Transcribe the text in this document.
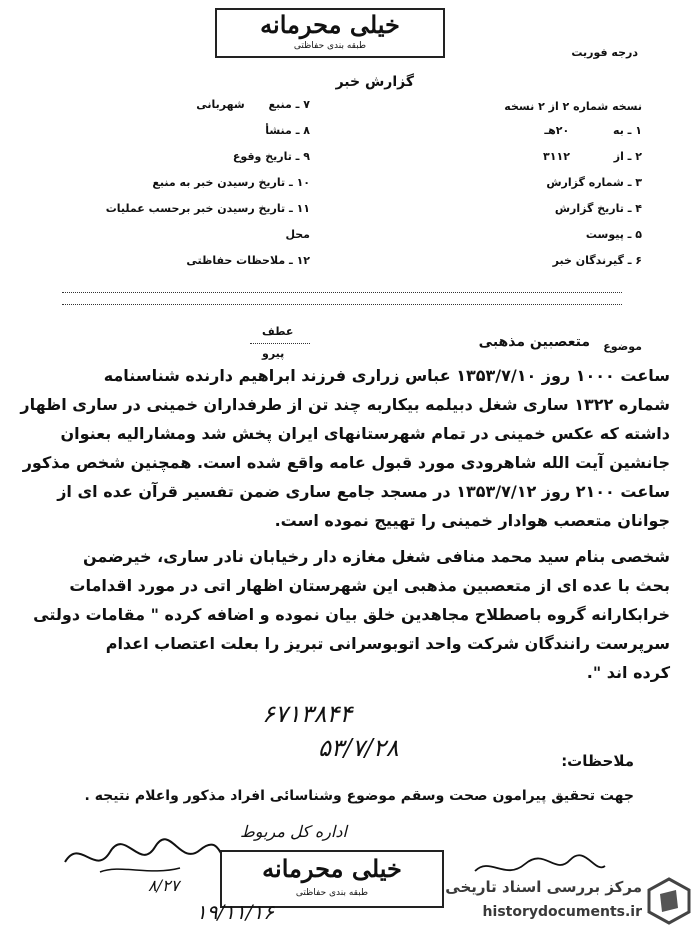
خیلی محرمانه
طبقه بندی حفاظتی	درجه فوریت
گزارش خبر
نسخه شماره ۲ از ۲ نسخه
۱ ـ به ۲۰هـ
۲ ـ از ۳۱۱۲
۳ ـ شماره گزارش
۴ ـ تاریخ گزارش
۵ ـ پیوست
۶ ـ گیرندگان خبر
۷ ـ منبع شهربانی
۸ ـ منشأ
۹ ـ تاریخ وقوع
۱۰ ـ تاریخ رسیدن خبر به منبع
۱۱ ـ تاریخ رسیدن خبر برحسب عملیات
محل
۱۲ ـ ملاحظات حفاظتی
عطف
پیرو
موضوع
متعصبین مذهبی
ساعت ۱۰۰۰ روز ۱۳۵۳/۷/۱۰ عباس زراری فرزند ابراهیم دارنده شناسنامه
شماره ۱۳۲۲ ساری شغل دبیلمه بیکاربه چند تن از طرفداران خمینی در ساری اظهار
داشته که عکس خمینی در تمام شهرستانهای ایران پخش شد ومشارالیه بعنوان
جانشین آیت الله شاهرودی مورد قبول عامه واقع شده است. همچنین شخص مذکور
ساعت ۲۱۰۰ روز ۱۳۵۳/۷/۱۲ در مسجد جامع ساری ضمن تفسیر قرآن عده ای از
جوانان متعصب هوادار خمینی را تهییج نموده است.
شخصی بنام سید محمد منافی شغل مغازه دار رخیابان نادر ساری، خیرضمن
بحث با عده ای از متعصبین مذهبی این شهرستان اظهار اتی در مورد اقدامات
خرابکارانه گروه باصطلاح مجاهدین خلق بیان نموده و اضافه کرده " مقامات دولتی
سرپرست رانندگان شرکت واحد اتوبوسرانی تبریز را بعلت اعتصاب اعدام
کرده اند ".
۶۷۱۳۸۴۴
۵۳/۷/۲۸	ملاحظات:
جهت تحقیق پیرامون صحت وسقم موضوع وشناسائی افراد مذکور واعلام نتیجه .
اداره کل مربوط
خیلی محرمانه
طبقه بندی حفاظتی
۸/۲۷
۱۹/۱۱/۱۶
مرکز بررسی اسناد تاریخی
historydocuments.ir
